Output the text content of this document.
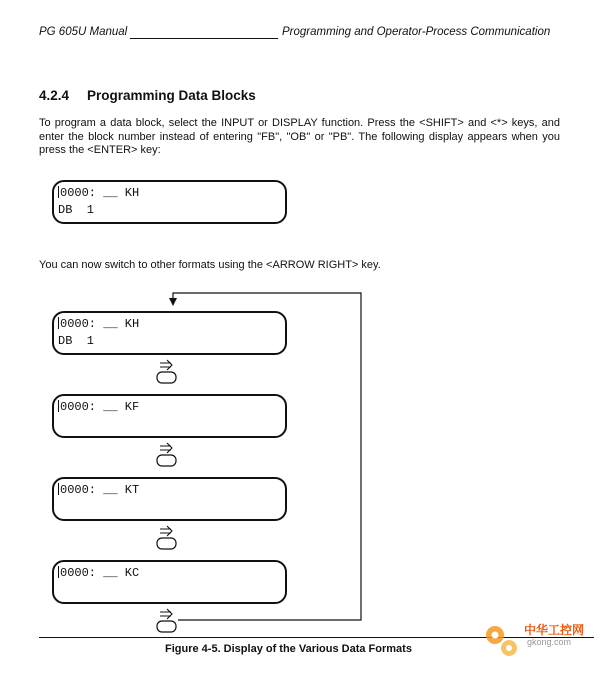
PG 605U Manual	Programming and Operator-Process Communication
4.2.4 Programming Data Blocks
To program a data block, select the INPUT or DISPLAY function. Press the <SHIFT> and <*> keys, and enter the block number instead of entering "FB", "OB" or "PB". The following display appears when you press the <ENTER> key:
0000: __ KH
DB  1
You can now switch to other formats using the <ARROW RIGHT> key.
0000: __ KH
DB  1
0000: __ KF
0000: __ KT
0000: __ KC
Figure 4-5. Display of the Various Data Formats
中华工控网
gkong.com
